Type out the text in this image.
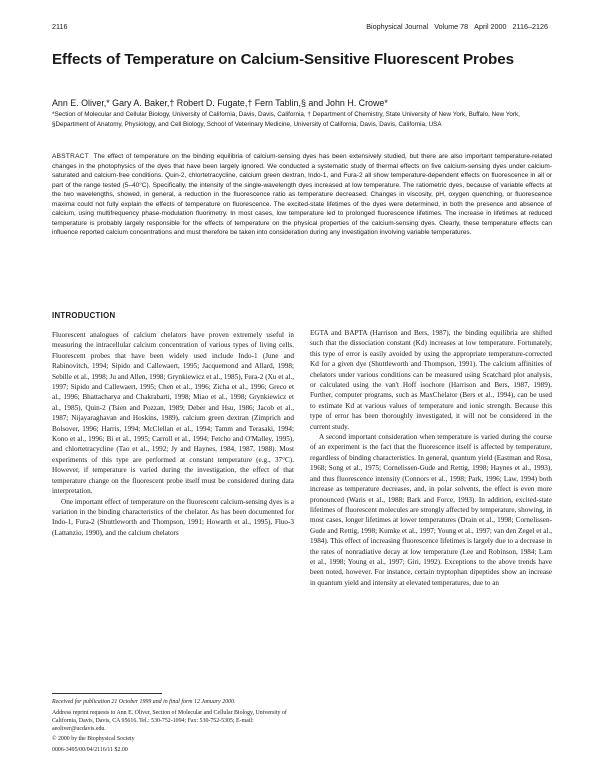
2116	Biophysical Journal Volume 78 April 2000 2116–2126
Effects of Temperature on Calcium-Sensitive Fluorescent Probes
Ann E. Oliver,* Gary A. Baker,† Robert D. Fugate,† Fern Tablin,§ and John H. Crowe*
*Section of Molecular and Cellular Biology, University of California, Davis, Davis, California, † Department of Chemistry, State University of New York, Buffalo, New York, §Department of Anatomy, Physiology, and Cell Biology, School of Veterinary Medicine, University of California, Davis, Davis, California, USA
ABSTRACT The effect of temperature on the binding equilibria of calcium-sensing dyes has been extensively studied, but there are also important temperature-related changes in the photophysics of the dyes that have been largely ignored. We conducted a systematic study of thermal effects on five calcium-sensing dyes under calcium-saturated and calcium-free conditions. Quin-2, chlortetracycline, calcium green dextran, Indo-1, and Fura-2 all show temperature-dependent effects on fluorescence in all or part of the range tested (5–40°C). Specifically, the intensity of the single-wavelength dyes increased at low temperature. The ratiometric dyes, because of variable effects at the two wavelengths, showed, in general, a reduction in the fluorescence ratio as temperature decreased. Changes in viscosity, pH, oxygen quenching, or fluorescence maxima could not fully explain the effects of temperature on fluorescence. The excited-state lifetimes of the dyes were determined, in both the presence and absence of calcium, using multifrequency phase-modulation fluorimetry. In most cases, low temperature led to prolonged fluorescence lifetimes. The increase in lifetimes at reduced temperature is probably largely responsible for the effects of temperature on the physical properties of the calcium-sensing dyes. Clearly, these temperature effects can influence reported calcium concentrations and must therefore be taken into consideration during any investigation involving variable temperatures.
INTRODUCTION

Fluorescent analogues of calcium chelators have proven extremely useful in measuring the intracellular calcium concentration of various types of living cells. Fluorescent probes that have been widely used include Indo-1 (June and Rabinovitch, 1994; Sipido and Callewaert, 1995; Jacquemond and Allard, 1998; Sebille et al., 1998; Ju and Allen, 1998; Grynkiewicz et al., 1985), Fura-2 (Xu et al., 1997; Sipido and Callewaert, 1995; Chen et al., 1996; Zicha et al., 1996; Greco et al., 1996; Bhattacharya and Chakrabarti, 1998; Miao et al., 1998; Grynkiewicz et al., 1985), Quin-2 (Tsien and Pozzan, 1989; Deber and Hsu, 1986; Jacob et al., 1987; Nijayaraghavan and Hoskins, 1989), calcium green dextran (Zimprich and Bolsover, 1996; Harris, 1994; McClellan et al., 1994; Tamm and Terasaki, 1994; Kono et al., 1996; Bi et al., 1995; Carroll et al., 1994; Fetcho and O'Malley, 1995), and chlortetracycline (Tao et al., 1992; Jy and Haynes, 1984, 1987, 1988). Most experiments of this type are performed at constant temperature (e.g., 37°C). However, if temperature is varied during the investigation, the effect of that temperature change on the fluorescent probe itself must be considered during data interpretation.

One important effect of temperature on the fluorescent calcium-sensing dyes is a variation in the binding characteristics of the chelator. As has been documented for Indo-1, Fura-2 (Shuttleworth and Thompson, 1991; Howarth et al., 1995), Fluo-3 (Lattanzio, 1990), and the calcium chelators

EGTA and BAPTA (Harrison and Bers, 1987), the binding equilibria are shifted such that the dissociation constant (Kd) increases at low temperature. Fortunately, this type of error is easily avoided by using the appropriate temperature-corrected Kd for a given dye (Shuttleworth and Thompson, 1991). The calcium affinities of chelators under various conditions can be measured using Scatchard plot analysis, or calculated using the van't Hoff isochore (Harrison and Bers, 1987, 1989). Further, computer programs, such as MaxChelator (Bers et al., 1994), can be used to estimate Kd at various values of temperature and ionic strength. Because this type of error has been thoroughly investigated, it will not be considered in the current study.

A second important consideration when temperature is varied during the course of an experiment is the fact that the fluorescence itself is affected by temperature, regardless of binding characteristics. In general, quantum yield (Eastman and Rosa, 1968; Song et al., 1975; Cornelissen-Gude and Rettig, 1998; Haynes et al., 1993), and thus fluorescence intensity (Connors et al., 1998; Park, 1996; Law, 1994) both increase as temperature decreases, and, in polar solvents, the effect is even more pronounced (Waris et al., 1988; Bark and Force, 1993). In addition, excited-state lifetimes of fluorescent molecules are strongly affected by temperature, showing, in most cases, longer lifetimes at lower temperatures (Drain et al., 1998; Cornelissen-Gude and Rettig, 1998; Kumke et al., 1997; Young et al., 1997; van den Zegel et al., 1984). This effect of increasing fluorescence lifetimes is largely due to a decrease in the rates of nonradiative decay at low temperature (Lee and Robinson, 1984; Lam et al., 1998; Young et al., 1997; Giri, 1992). Exceptions to the above trends have been noted, however. For instance, certain tryptophan dipeptides show an increase in quantum yield and intensity at elevated temperatures, due to an

Received for publication 21 October 1999 and in final form 12 January 2000.

Address reprint requests to Ann E. Oliver, Section of Molecular and Cellular Biology, University of California, Davis, Davis, CA 95616. Tel.: 530-752-1094; Fax: 530-752-5305; E-mail: aeoliver@ucdavis.edu.

© 2000 by the Biophysical Society

0006-3495/00/04/2116/11 $2.00
